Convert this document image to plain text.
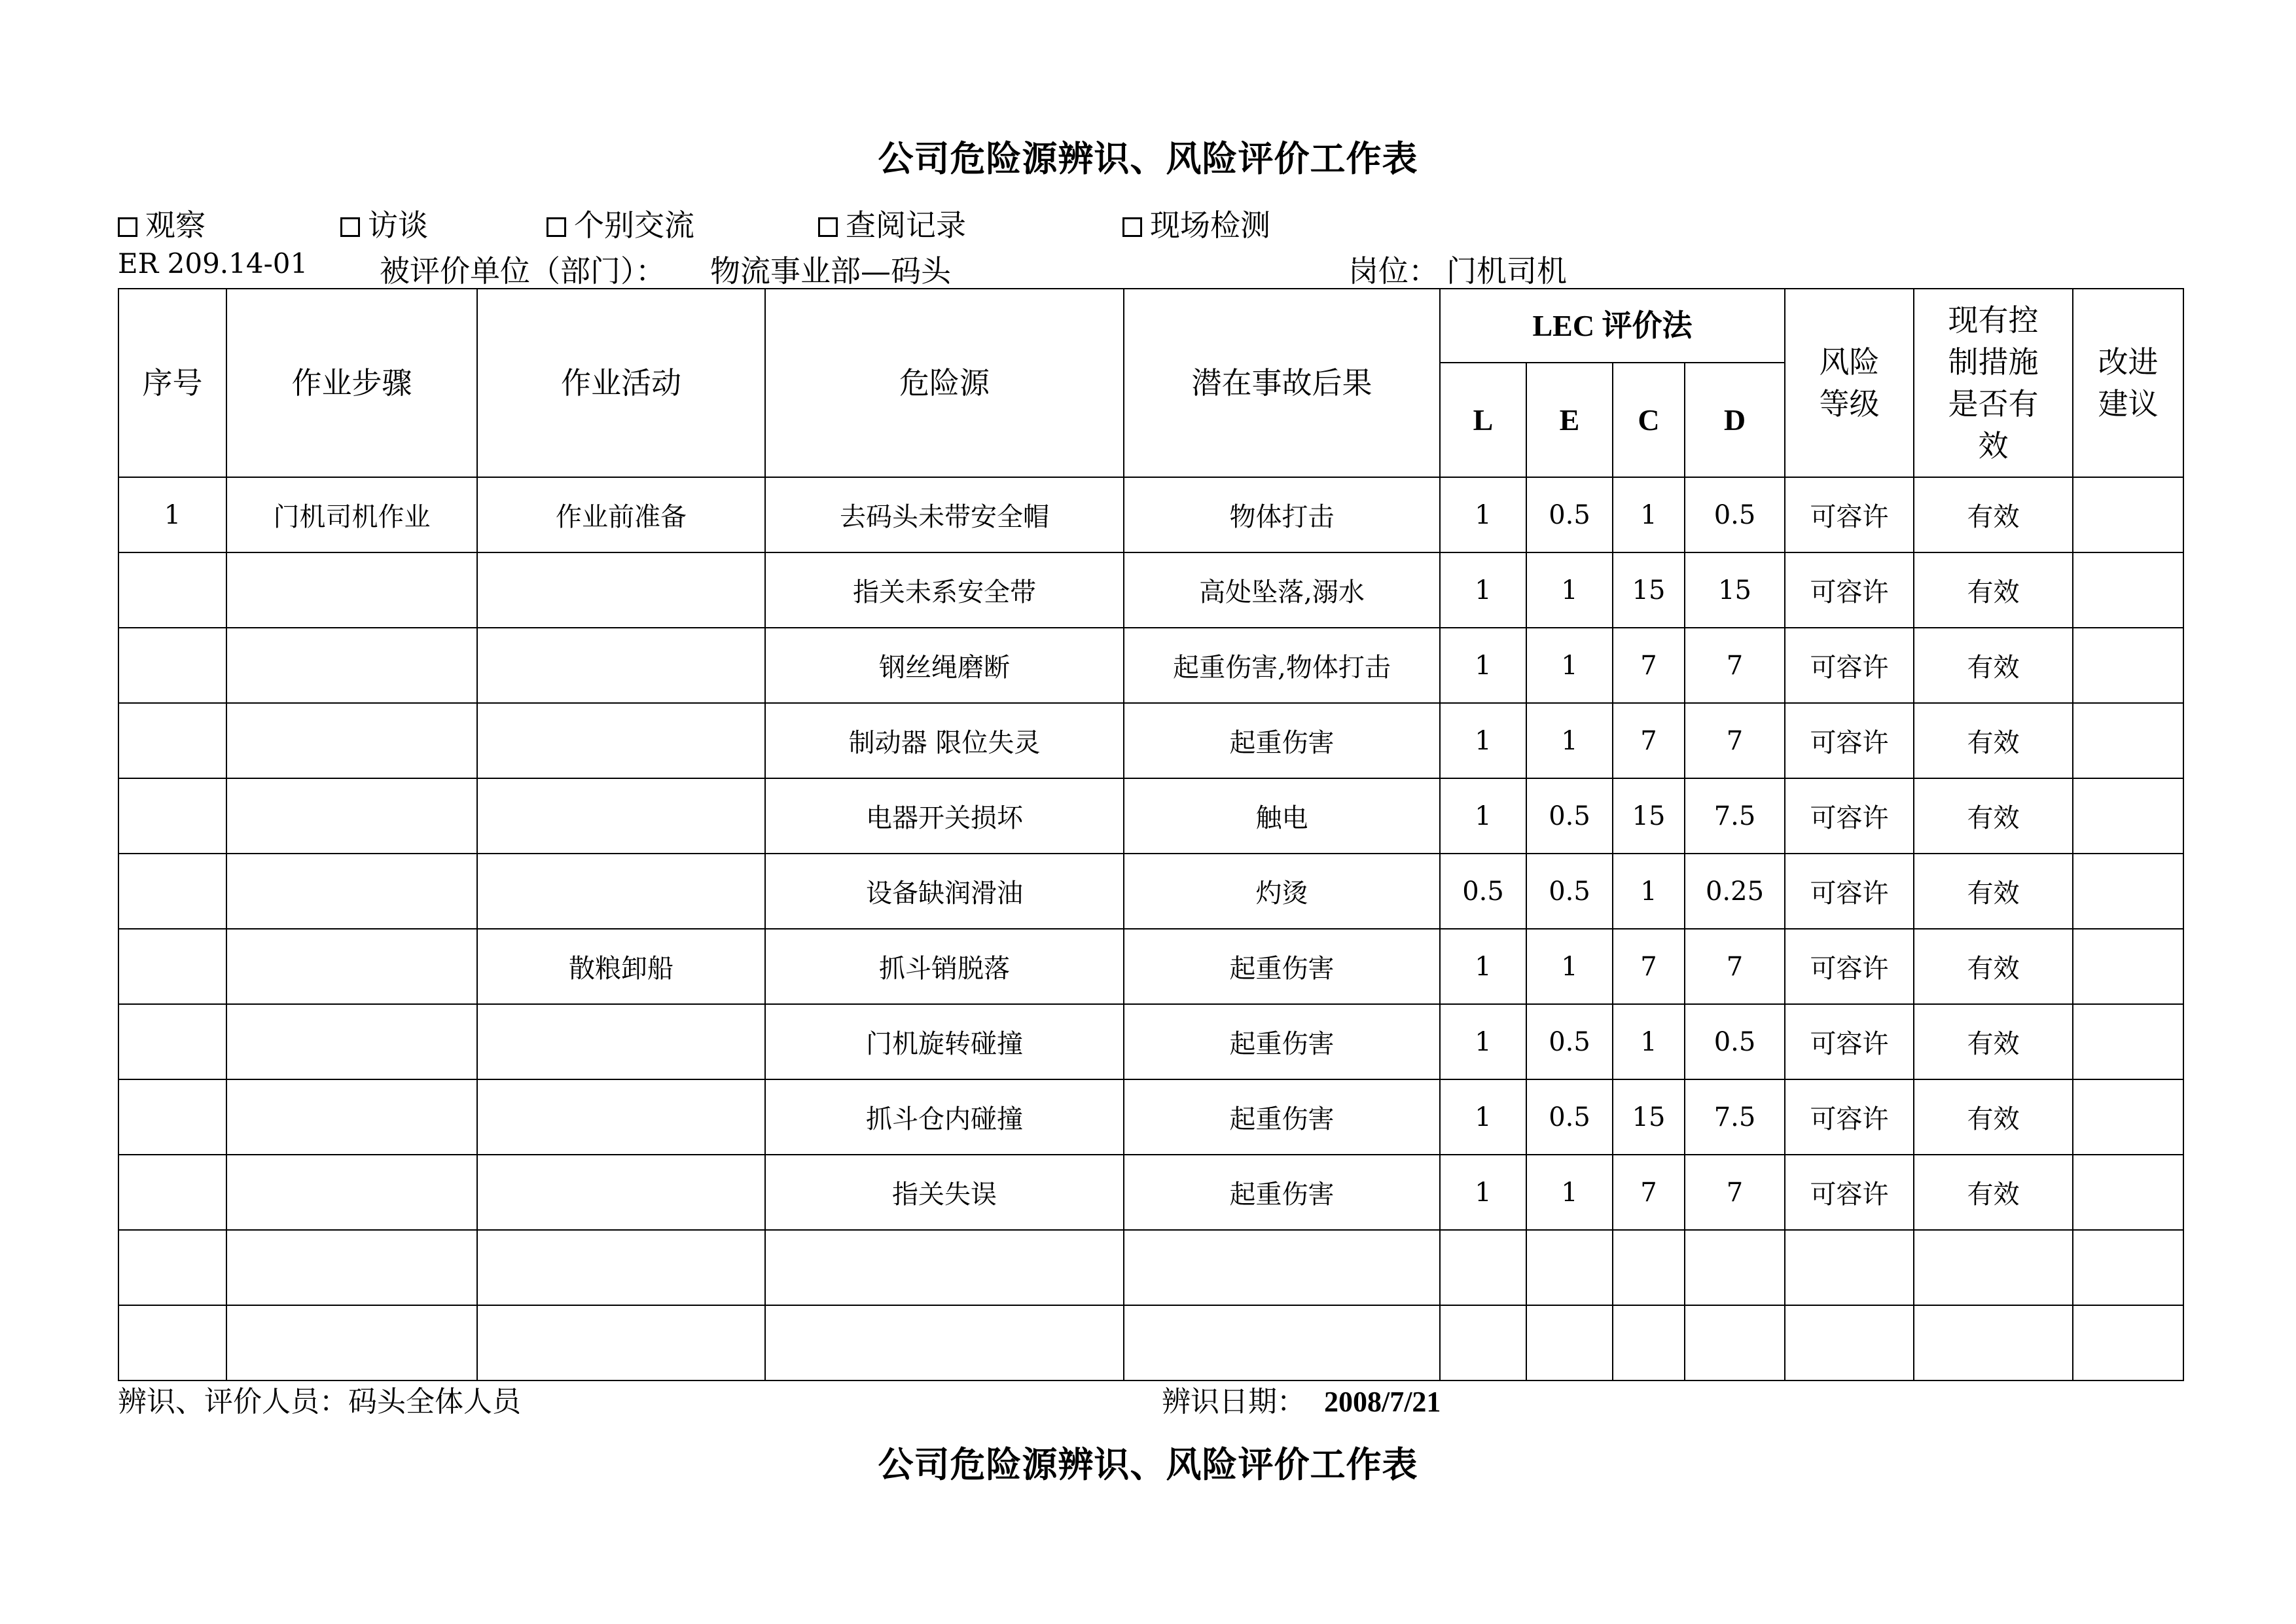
公司危险源辨识、风险评价工作表
观察	访谈	个别交流	查阅记录	现场检测
ER 209.14-01 被评价单位（部门）： 物流事业部—码头	岗位： 门机司机
序号	作业步骤	作业活动	危险源	潜在事故后果	LEC 评价法				风险等级	现有控制措施是否有效	改进建议
					L	E	C	D			
1	门机司机作业	作业前准备	去码头未带安全帽	物体打击	1	0.5	1	0.5	可容许	有效	
			指关未系安全带	高处坠落,溺水	1	1	15	15	可容许	有效	
			钢丝绳磨断	起重伤害,物体打击	1	1	7	7	可容许	有效	
			制动器 限位失灵	起重伤害	1	1	7	7	可容许	有效	
			电器开关损坏	触电	1	0.5	15	7.5	可容许	有效	
			设备缺润滑油	灼烫	0.5	0.5	1	0.25	可容许	有效	
		散粮卸船	抓斗销脱落	起重伤害	1	1	7	7	可容许	有效	
			门机旋转碰撞	起重伤害	1	0.5	1	0.5	可容许	有效	
			抓斗仓内碰撞	起重伤害	1	0.5	15	7.5	可容许	有效	
			指关失误	起重伤害	1	1	7	7	可容许	有效	

辨识、评价人员：码头全体人员	辨识日期： 2008/7/21
公司危险源辨识、风险评价工作表
